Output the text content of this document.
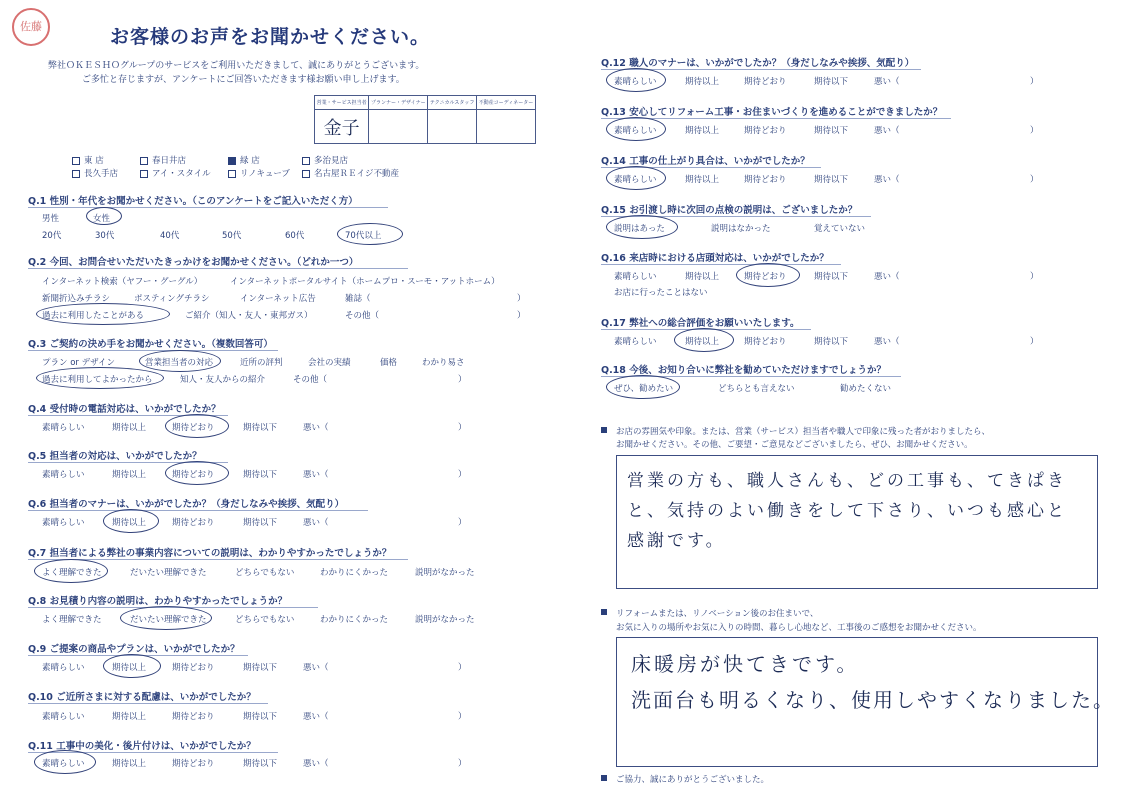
佐藤	お客様のお声をお聞かせください。
弊社ＯＫＥＳＨＯグループのサービスをご利用いただきまして、誠にありがとうございます。
ご多忙と存じますが、アンケートにご回答いただきます様お願い申し上げます。
営業・サービス担当者	プランナー・デザイナー	テクニカルスタッフ	不動産コーディネーター
金子			
東 店	春日井店	緑 店	多治見店
長久手店	アイ・スタイル	リノキューブ	名古屋ＲＥイジ不動産
Q.1 性別・年代をお聞かせください。（このアンケートをご記入いただく方）
男性	女性
20代	30代	40代	50代	60代	70代以上
Q.2 今回、お問合せいただいたきっかけをお聞かせください。（どれか一つ）
インターネット検索（ヤフー・グーグル）	インターネットポータルサイト（ホームプロ・スーモ・アットホーム）
新聞折込みチラシ	ポスティングチラシ	インターネット広告	雑誌（	）
過去に利用したことがある	ご紹介（知人・友人・東邦ガス）	その他（	）
Q.3 ご契約の決め手をお聞かせください。（複数回答可）
プラン or デザイン	営業担当者の対応	近所の評判	会社の実績	価格	わかり易さ
過去に利用してよかったから	知人・友人からの紹介	その他（	）
Q.4 受付時の電話対応は、いかがでしたか？
素晴らしい	期待以上	期待どおり	期待以下	悪い（	）
Q.5 担当者の対応は、いかがでしたか？
素晴らしい	期待以上	期待どおり	期待以下	悪い（	）
Q.6 担当者のマナーは、いかがでしたか？（身だしなみや挨拶、気配り）
素晴らしい	期待以上	期待どおり	期待以下	悪い（	）
Q.7 担当者による弊社の事業内容についての説明は、わかりやすかったでしょうか？
よく理解できた	だいたい理解できた	どちらでもない	わかりにくかった	説明がなかった
Q.8 お見積り内容の説明は、わかりやすかったでしょうか？
よく理解できた	だいたい理解できた	どちらでもない	わかりにくかった	説明がなかった
Q.9 ご提案の商品やプランは、いかがでしたか？
素晴らしい	期待以上	期待どおり	期待以下	悪い（	）
Q.10 ご近所さまに対する配慮は、いかがでしたか？
素晴らしい	期待以上	期待どおり	期待以下	悪い（	）
Q.11 工事中の美化・後片付けは、いかがでしたか？
素晴らしい	期待以上	期待どおり	期待以下	悪い（	）
Q.12 職人のマナーは、いかがでしたか？（身だしなみや挨拶、気配り）
素晴らしい	期待以上	期待どおり	期待以下	悪い（	）
Q.13 安心してリフォーム工事・お住まいづくりを進めることができましたか？
素晴らしい	期待以上	期待どおり	期待以下	悪い（	）
Q.14 工事の仕上がり具合は、いかがでしたか？
素晴らしい	期待以上	期待どおり	期待以下	悪い（	）
Q.15 お引渡し時に次回の点検の説明は、ございましたか？
説明はあった	説明はなかった	覚えていない
Q.16 来店時における店頭対応は、いかがでしたか？
素晴らしい	期待以上	期待どおり	期待以下	悪い（	）
お店に行ったことはない
Q.17 弊社への総合評価をお願いいたします。
素晴らしい	期待以上	期待どおり	期待以下	悪い（	）
Q.18 今後、お知り合いに弊社を勧めていただけますでしょうか？
ぜひ、勧めたい	どちらとも言えない	勧めたくない
お店の雰囲気や印象。または、営業（サービス）担当者や職人で印象に残った者がおりましたら、
お聞かせください。その他、ご要望・ご意見などございましたら、ぜひ、お聞かせください。
営業の方も、職人さんも、どの工事も、てきぱきと、気持のよい働きをして下さり、いつも感心と感謝です。
リフォームまたは、リノベーション後のお住まいで、
お気に入りの場所やお気に入りの時間、暮らし心地など、工事後のご感想をお聞かせください。
床暖房が快てきです。
洗面台も明るくなり、使用しやすくなりました。
ご協力、誠にありがとうございました。
